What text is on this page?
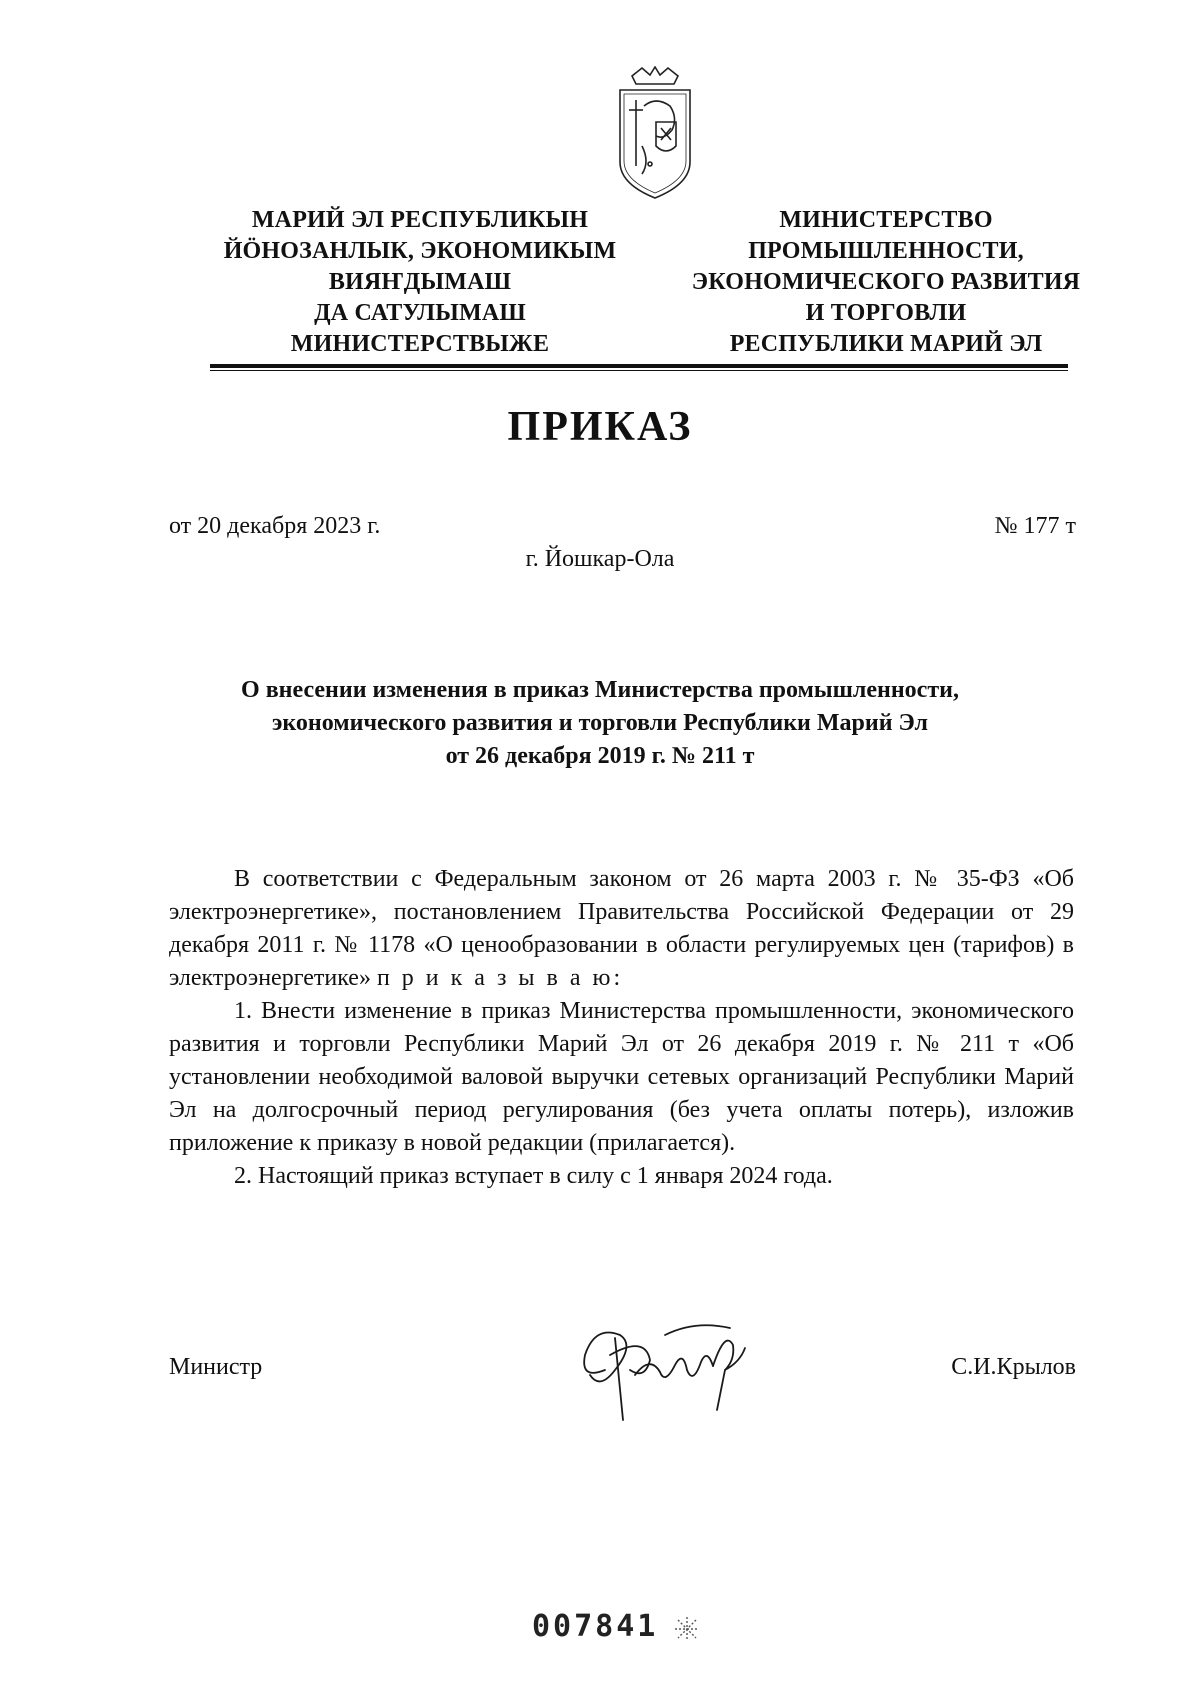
МАРИЙ ЭЛ РЕСПУБЛИКЫН
ЙӦНОЗАНЛЫК, ЭКОНОМИКЫМ
ВИЯҤДЫМАШ
ДА САТУЛЫМАШ
МИНИСТЕРСТВЫЖЕ
МИНИСТЕРСТВО
ПРОМЫШЛЕННОСТИ,
ЭКОНОМИЧЕСКОГО РАЗВИТИЯ
И ТОРГОВЛИ
РЕСПУБЛИКИ МАРИЙ ЭЛ
ПРИКАЗ
от 20 декабря 2023 г.	№ 177 т
г. Йошкар-Ола
О внесении изменения в приказ Министерства промышленности,
экономического развития и торговли Республики Марий Эл
от 26 декабря 2019 г. № 211 т

В соответствии с Федеральным законом от 26 марта 2003 г. № 35-ФЗ «Об электроэнергетике», постановлением Правительства Российской Федерации от 29 декабря 2011 г. № 1178 «О ценообразовании в области регулируемых цен (тарифов) в электроэнергетике» п р и к а з ы в а ю:

1. Внести изменение в приказ Министерства промышленности, экономического развития и торговли Республики Марий Эл от 26 декабря 2019 г. № 211 т «Об установлении необходимой валовой выручки сетевых организаций Республики Марий Эл на долгосрочный период регулирования (без учета оплаты потерь), изложив приложение к приказу в новой редакции (прилагается).

2. Настоящий приказ вступает в силу с 1 января 2024 года.

Министр	С.И.Крылов
007841
